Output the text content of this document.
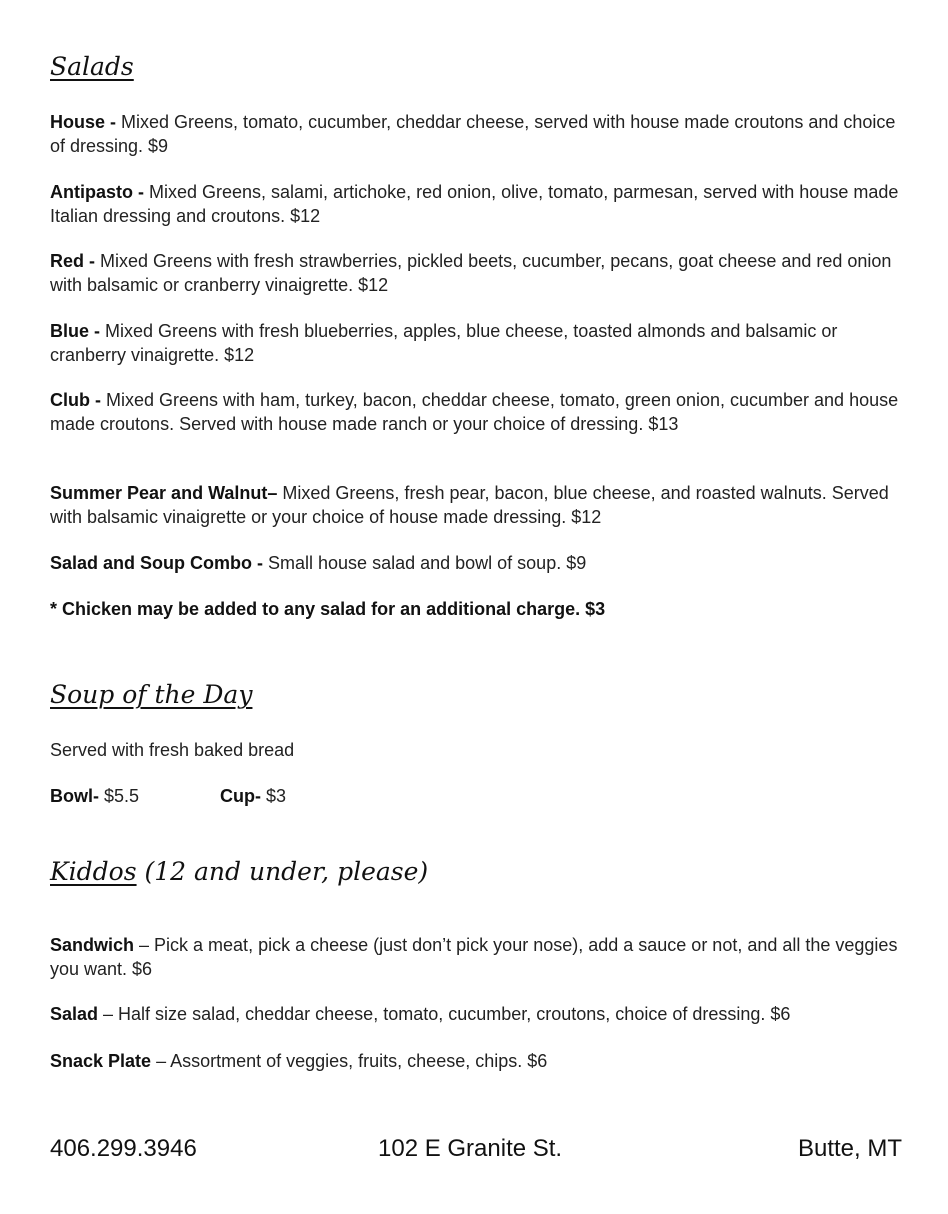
Salads
House - Mixed Greens, tomato, cucumber, cheddar cheese, served with house made croutons and choice of dressing. $9
Antipasto - Mixed Greens, salami, artichoke, red onion, olive, tomato, parmesan, served with house made Italian dressing and croutons. $12
Red - Mixed Greens with fresh strawberries, pickled beets, cucumber, pecans, goat cheese and red onion with balsamic or cranberry vinaigrette. $12
Blue - Mixed Greens with fresh blueberries, apples, blue cheese, toasted almonds and balsamic or cranberry vinaigrette. $12
Club - Mixed Greens with ham, turkey, bacon, cheddar cheese, tomato, green onion, cucumber and house made croutons. Served with house made ranch or your choice of dressing. $13
Summer Pear and Walnut– Mixed Greens, fresh pear, bacon, blue cheese, and roasted walnuts. Served with balsamic vinaigrette or your choice of house made dressing. $12
Salad and Soup Combo - Small house salad and bowl of soup. $9
* Chicken may be added to any salad for an additional charge. $3
Soup of the Day
Served with fresh baked bread
Bowl- $5.5	Cup- $3
Kiddos (12 and under, please)
Sandwich – Pick a meat, pick a cheese (just don’t pick your nose), add a sauce or not, and all the veggies you want. $6
Salad – Half size salad, cheddar cheese, tomato, cucumber, croutons, choice of dressing. $6
Snack Plate – Assortment of veggies, fruits, cheese, chips. $6
406.299.3946	102 E Granite St.	Butte, MT
